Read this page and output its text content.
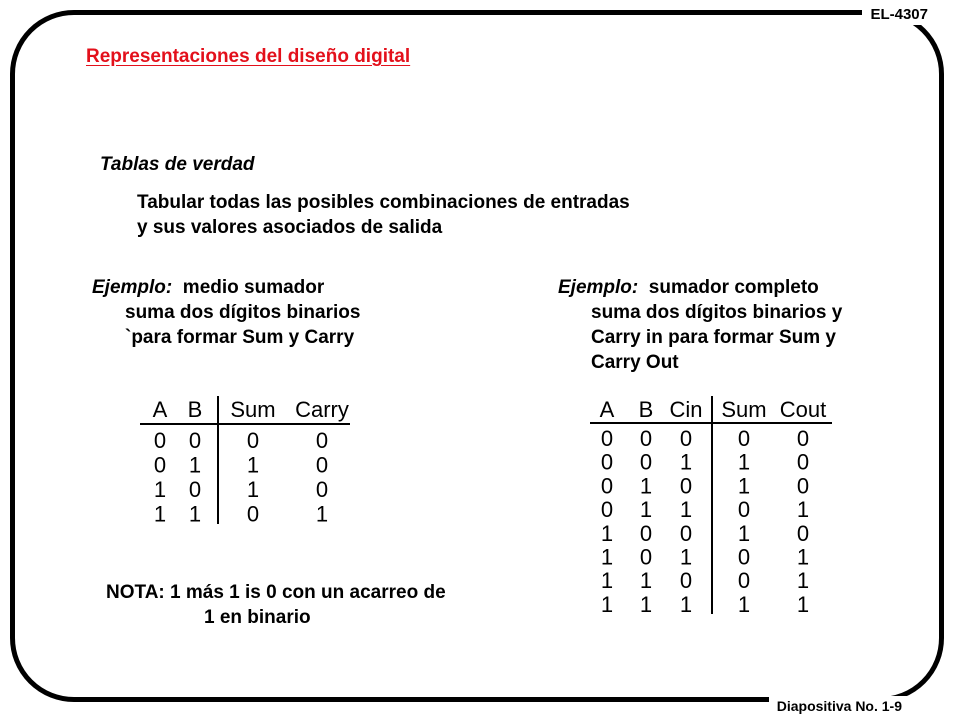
EL-4307
Diapositiva No. 1-9
Representaciones del diseño digital
Tablas de verdad
Tabular todas las posibles combinaciones de entradas
y sus valores asociados de salida
Ejemplo: medio sumador
suma dos dígitos binarios
`para formar Sum y Carry
Ejemplo: sumador completo
suma dos dígitos binarios y
Carry in para formar Sum y
Carry Out
NOTA: 1 más 1 is 0 con un acarreo de
1 en binario
A B Sum Carry
0 0 0	0
0 1 1	0
1 0 1	0
1 1 0	1
A B Cin Sum Cout
0 0 0 0 0
0 0 1 1 0
0 1 0 1 0
0 1 1 0 1
1 0 0 1 0
1 0 1 0 1
1 1 0 0 1
1 1 1 1 1
